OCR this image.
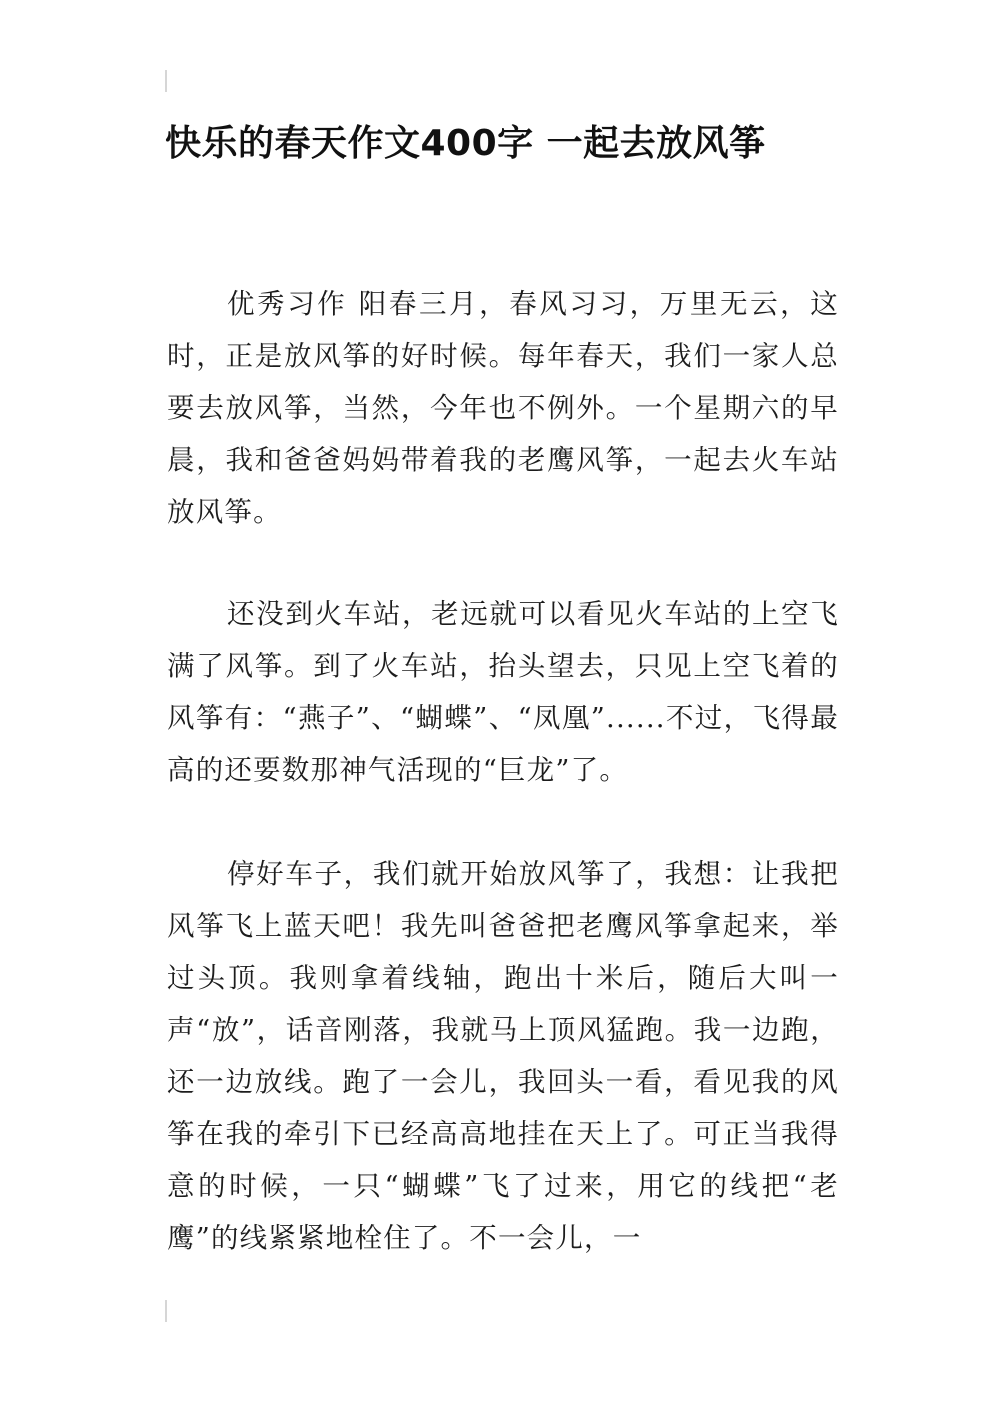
快乐的春天作文400字 一起去放风筝

优秀习作 阳春三月，春风习习，万里无云，这时，正是放风筝的好时候。每年春天，我们一家人总要去放风筝，当然，今年也不例外。一个星期六的早晨，我和爸爸妈妈带着我的老鹰风筝，一起去火车站放风筝。

还没到火车站，老远就可以看见火车站的上空飞满了风筝。到了火车站，抬头望去，只见上空飞着的风筝有：“燕子”、“蝴蝶”、“凤凰”......不过，飞得最高的还要数那神气活现的“巨龙”了。

停好车子，我们就开始放风筝了，我想：让我把风筝飞上蓝天吧！我先叫爸爸把老鹰风筝拿起来，举过头顶。我则拿着线轴，跑出十米后，随后大叫一声“放”，话音刚落，我就马上顶风猛跑。我一边跑，还一边放线。跑了一会儿，我回头一看，看见我的风筝在我的牵引下已经高高地挂在天上了。可正当我得意的时候，一只“蝴蝶”飞了过来，用它的线把“老鹰”的线紧紧地栓住了。不一会儿，一
